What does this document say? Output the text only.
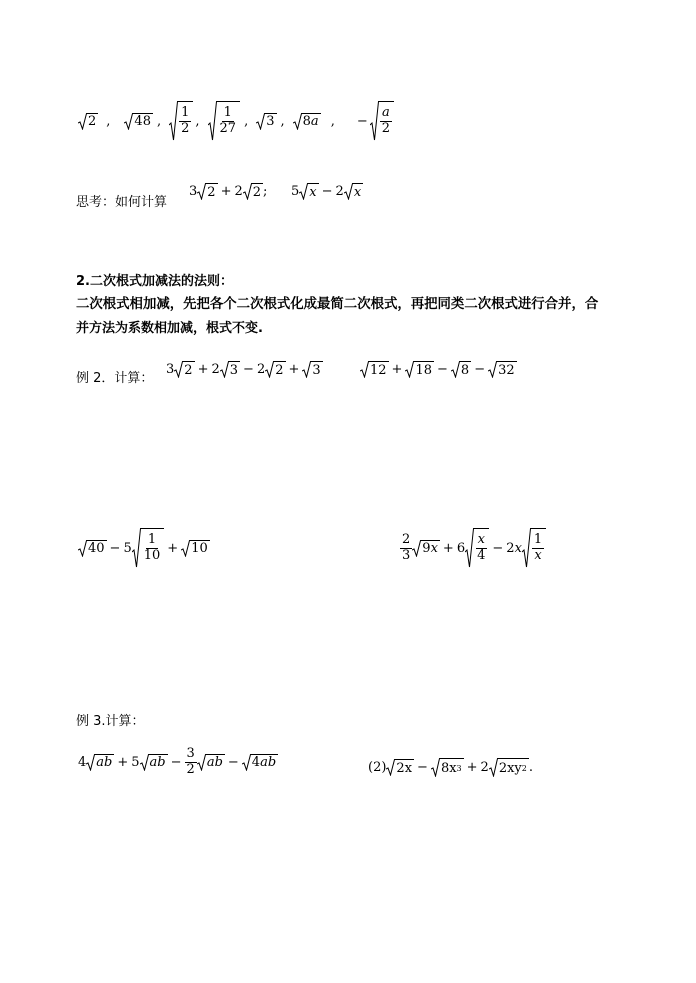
2 , 48 , $\frac{1}{2}$ , $\frac{1}{27}$ , 3 , 8 a , − $\frac{a}{2}$
思考：如何计算
3 2 + 2 2 ; 5 x − 2 x
2.二次根式加减法的法则：
二次根式相加减，先把各个二次根式化成最简二次根式，再把同类二次根式进行合并，合
并方法为系数相加减，根式不变.
例 2．计算：
3 2 + 2 3 − 2 2 + 3	12 + 18 − 8 − 32
$40 - 5 \frac{1}{10} + 10$	$\frac{2}{3} 9$ $x + 6 \frac{x}{4} - 2$ x $\frac{1}{x}$
例 3.计算：
4 ab + 5 ab − $\frac{3}{2}$ ab − 4 ab	(2) 2x − 8x 3 + 2 2xy 2 .
